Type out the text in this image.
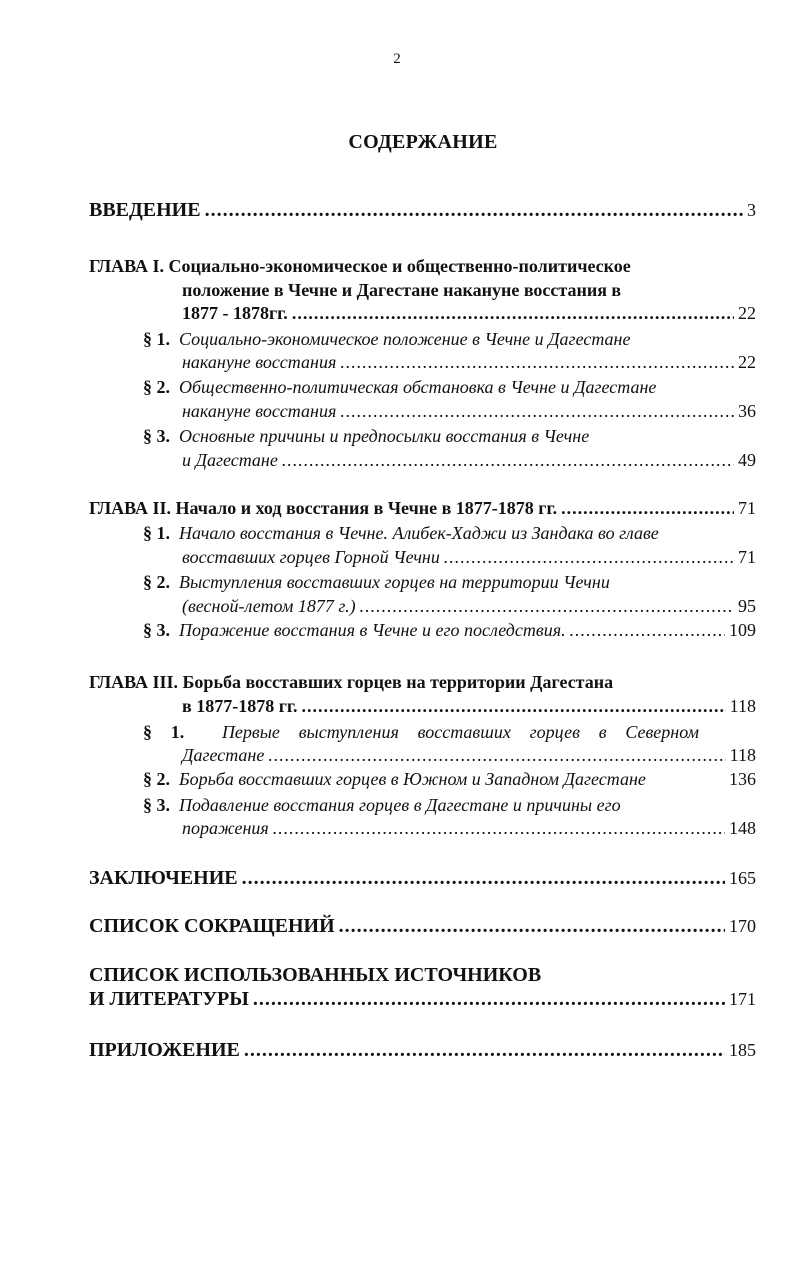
2
СОДЕРЖАНИЕ
ВВЕДЕНИЕ .....	3
ГЛАВА I. Социально-экономическое и общественно-политическое
положение в Чечне и Дагестане накануне восстания в
1877 - 1878гг. .....	22
§ 1. Социально-экономическое положение в Чечне и Дагестане
накануне восстания .....	22
§ 2. Общественно-политическая обстановка в Чечне и Дагестане
накануне восстания .....	36
§ 3. Основные причины и предпосылки восстания в Чечне
и Дагестане .....	49
ГЛАВА II. Начало и ход восстания в Чечне в 1877-1878 гг. .....	71
§ 1. Начало восстания в Чечне. Алибек-Хаджи из Зандака во главе
восставших горцев Горной Чечни .....	71
§ 2. Выступления восставших горцев на территории Чечни
(весной-летом 1877 г.) .....	95
§ 3. Поражение восстания в Чечне и его последствия. .....	109
ГЛАВА III. Борьба восставших горцев на территории Дагестана
в 1877-1878 гг. .....	118
§ 1. Первые выступления восставших горцев в Северном
Дагестане .....	118
§ 2. Борьба восставших горцев в Южном и Западном Дагестане	136
§ 3. Подавление восстания горцев в Дагестане и причины его
поражения .....	148
ЗАКЛЮЧЕНИЕ .....	165
СПИСОК СОКРАЩЕНИЙ .....	170
СПИСОК ИСПОЛЬЗОВАННЫХ ИСТОЧНИКОВ
И ЛИТЕРАТУРЫ .....	171
ПРИЛОЖЕНИЕ .....	185
